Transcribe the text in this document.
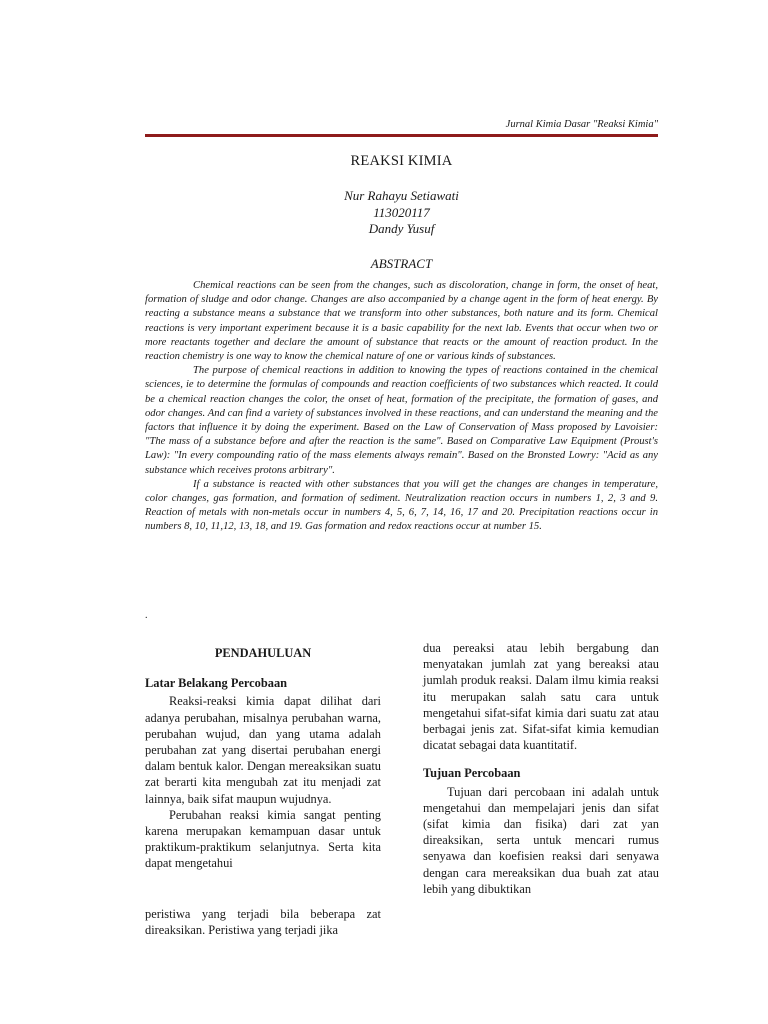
Jurnal Kimia Dasar "Reaksi Kimia"
REAKSI KIMIA
Nur Rahayu Setiawati
113020117
Dandy Yusuf
ABSTRACT

Chemical reactions can be seen from the changes, such as discoloration, change in form, the onset of heat, formation of sludge and odor change. Changes are also accompanied by a change agent in the form of heat energy. By reacting a substance means a substance that we transform into other substances, both nature and its form. Chemical reactions is very important experiment because it is a basic capability for the next lab. Events that occur when two or more reactants together and declare the amount of substance that reacts or the amount of reaction product. In the reaction chemistry is one way to know the chemical nature of one or various kinds of substances.

The purpose of chemical reactions in addition to knowing the types of reactions contained in the chemical sciences, ie to determine the formulas of compounds and reaction coefficients of two substances which reacted. It could be a chemical reaction changes the color, the onset of heat, formation of the precipitate, the formation of gases, and odor changes. And can find a variety of substances involved in these reactions, and can understand the meaning and the factors that influence it by doing the experiment. Based on the Law of Conservation of Mass proposed by Lavoisier: "The mass of a substance before and after the reaction is the same". Based on Comparative Law Equipment (Proust's Law): "In every compounding ratio of the mass elements always remain". Based on the Bronsted Lowry: "Acid as any substance which receives protons arbitrary".

If a substance is reacted with other substances that you will get the changes are changes in temperature, color changes, gas formation, and formation of sediment. Neutralization reaction occurs in numbers 1, 2, 3 and 9. Reaction of metals with non-metals occur in numbers 4, 5, 6, 7, 14, 16, 17 and 20. Precipitation reactions occur in numbers 8, 10, 11,12, 13, 18, and 19. Gas formation and redox reactions occur at number 15.

.
PENDAHULUAN
Latar Belakang Percobaan

Reaksi-reaksi kimia dapat dilihat dari adanya perubahan, misalnya perubahan warna, perubahan wujud, dan yang utama adalah perubahan zat yang disertai perubahan energi dalam bentuk kalor. Dengan mereaksikan suatu zat berarti kita mengubah zat itu menjadi zat lainnya, baik sifat maupun wujudnya.

Perubahan reaksi kimia sangat penting karena merupakan kemampuan dasar untuk praktikum-praktikum selanjutnya. Serta kita dapat mengetahui

peristiwa yang terjadi bila beberapa zat direaksikan. Peristiwa yang terjadi jika

dua pereaksi atau lebih bergabung dan menyatakan jumlah zat yang bereaksi atau jumlah produk reaksi. Dalam ilmu kimia reaksi itu merupakan salah satu cara untuk mengetahui sifat-sifat kimia dari suatu zat atau berbagai jenis zat. Sifat-sifat kimia kemudian dicatat sebagai data kuantitatif.

Tujuan Percobaan

Tujuan dari percobaan ini adalah untuk mengetahui dan mempelajari jenis dan sifat (sifat kimia dan fisika) dari zat yan direaksikan, serta untuk mencari rumus senyawa dan koefisien reaksi dari senyawa dengan cara mereaksikan dua buah zat atau lebih yang dibuktikan
